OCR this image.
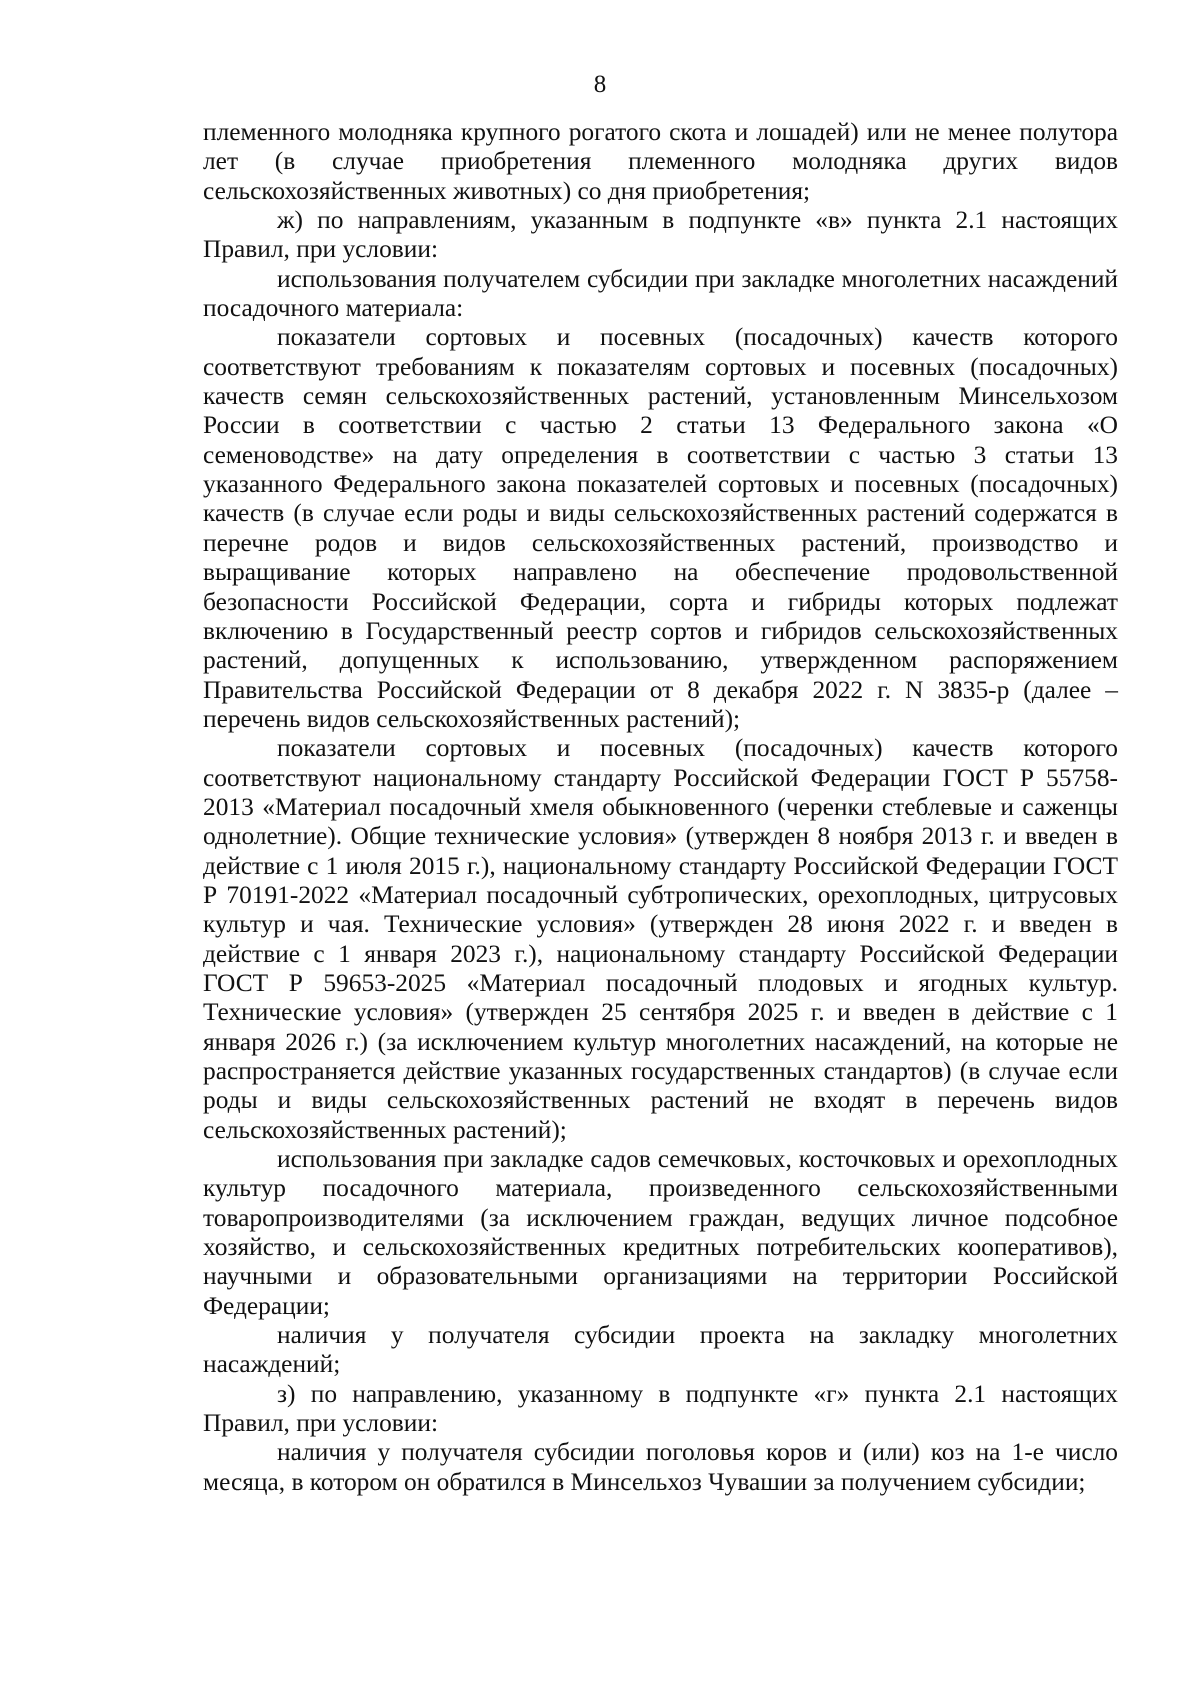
8

племенного молодняка крупного рогатого скота и лошадей) или не менее полутора лет (в случае приобретения племенного молодняка других видов сельскохозяйственных животных) со дня приобретения;

ж) по направлениям, указанным в подпункте «в» пункта 2.1 настоящих Правил, при условии:

использования получателем субсидии при закладке многолетних насаждений посадочного материала:

показатели сортовых и посевных (посадочных) качеств которого соответствуют требованиям к показателям сортовых и посевных (посадочных) качеств семян сельскохозяйственных растений, установленным Минсельхозом России в соответствии с частью 2 статьи 13 Федерального закона «О семеноводстве» на дату определения в соответствии с частью 3 статьи 13 указанного Федерального закона показателей сортовых и посевных (посадочных) качеств (в случае если роды и виды сельскохозяйственных растений содержатся в перечне родов и видов сельскохозяйственных растений, производство и выращивание которых направлено на обеспечение продовольственной безопасности Российской Федерации, сорта и гибриды которых подлежат включению в Государственный реестр сортов и гибридов сельскохозяйственных растений, допущенных к использованию, утвержденном распоряжением Правительства Российской Федерации от 8 декабря 2022 г. N 3835-р (далее – перечень видов сельскохозяйственных растений);

показатели сортовых и посевных (посадочных) качеств которого соответствуют национальному стандарту Российской Федерации ГОСТ Р 55758-2013 «Материал посадочный хмеля обыкновенного (черенки стеблевые и саженцы однолетние). Общие технические условия» (утвержден 8 ноября 2013 г. и введен в действие с 1 июля 2015 г.), национальному стандарту Российской Федерации ГОСТ Р 70191-2022 «Материал посадочный субтропических, орехоплодных, цитрусовых культур и чая. Технические условия» (утвержден 28 июня 2022 г. и введен в действие с 1 января 2023 г.), национальному стандарту Российской Федерации ГОСТ Р 59653-2025 «Материал посадочный плодовых и ягодных культур. Технические условия» (утвержден 25 сентября 2025 г. и введен в действие с 1 января 2026 г.) (за исключением культур многолетних насаждений, на которые не распространяется действие указанных государственных стандартов) (в случае если роды и виды сельскохозяйственных растений не входят в перечень видов сельскохозяйственных растений);

использования при закладке садов семечковых, косточковых и орехоплодных культур посадочного материала, произведенного сельскохозяйственными товаропроизводителями (за исключением граждан, ведущих личное подсобное хозяйство, и сельскохозяйственных кредитных потребительских кооперативов), научными и образовательными организациями на территории Российской Федерации;

наличия у получателя субсидии проекта на закладку многолетних насаждений;

з) по направлению, указанному в подпункте «г» пункта 2.1 настоящих Правил, при условии:

наличия у получателя субсидии поголовья коров и (или) коз на 1-е число месяца, в котором он обратился в Минсельхоз Чувашии за получением субсидии;
